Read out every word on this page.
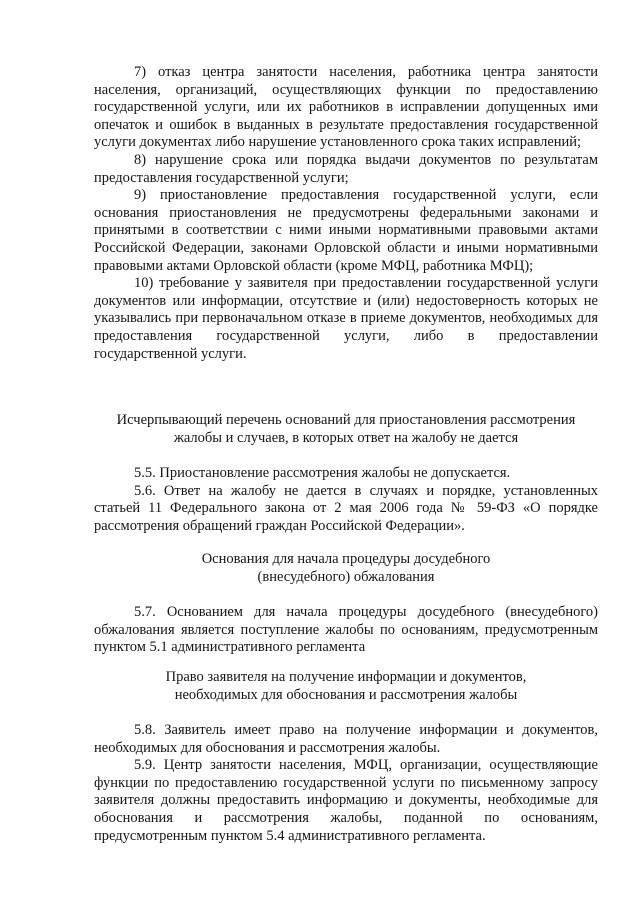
7) отказ центра занятости населения, работника центра занятости населения, организаций, осуществляющих функции по предоставлению государственной услуги, или их работников в исправлении допущенных ими опечаток и ошибок в выданных в результате предоставления государственной услуги документах либо нарушение установленного срока таких исправлений;

8) нарушение срока или порядка выдачи документов по результатам предоставления государственной услуги;

9) приостановление предоставления государственной услуги, если основания приостановления не предусмотрены федеральными законами и принятыми в соответствии с ними иными нормативными правовыми актами Российской Федерации, законами Орловской области и иными нормативными правовыми актами Орловской области (кроме МФЦ, работника МФЦ);

10) требование у заявителя при предоставлении государственной услуги документов или информации, отсутствие и (или) недостоверность которых не указывались при первоначальном отказе в приеме документов, необходимых для предоставления государственной услуги, либо в предоставлении государственной услуги.

Исчерпывающий перечень оснований для приостановления рассмотрения
жалобы и случаев, в которых ответ на жалобу не дается

5.5. Приостановление рассмотрения жалобы не допускается.

5.6. Ответ на жалобу не дается в случаях и порядке, установленных статьей 11 Федерального закона от 2 мая 2006 года № 59-ФЗ «О порядке рассмотрения обращений граждан Российской Федерации».

Основания для начала процедуры досудебного
(внесудебного) обжалования

5.7. Основанием для начала процедуры досудебного (внесудебного) обжалования является поступление жалобы по основаниям, предусмотренным пунктом 5.1 административного регламента

Право заявителя на получение информации и документов,
необходимых для обоснования и рассмотрения жалобы

5.8. Заявитель имеет право на получение информации и документов, необходимых для обоснования и рассмотрения жалобы.

5.9. Центр занятости населения, МФЦ, организации, осуществляющие функции по предоставлению государственной услуги по письменному запросу заявителя должны предоставить информацию и документы, необходимые для обоснования и рассмотрения жалобы, поданной по основаниям, предусмотренным пунктом 5.4 административного регламента.
